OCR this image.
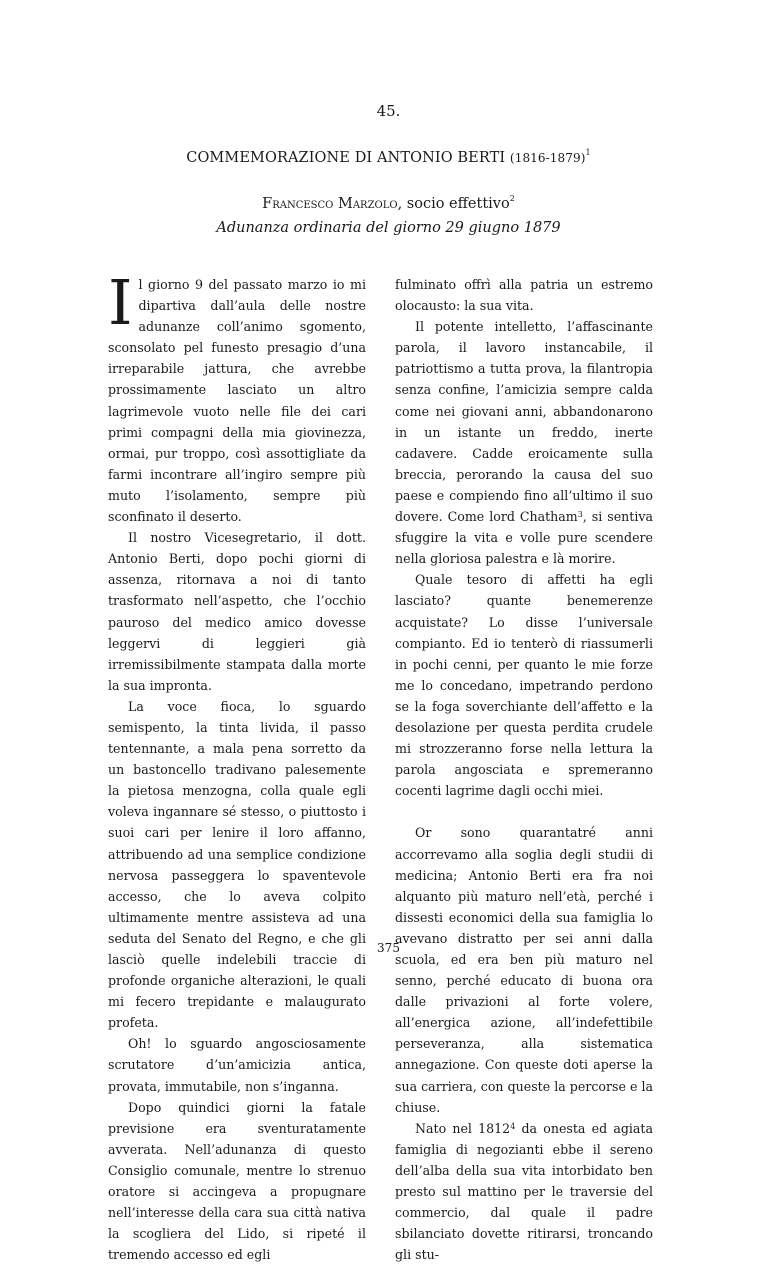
45.
COMMEMORAZIONE DI ANTONIO BERTI (1816-1879)$^1$
Francesco Marzolo, socio effettivo$^2$
Adunanza ordinaria del giorno 29 giugno 1879

Il giorno 9 del passato marzo io mi dipartiva dall’aula delle nostre adunanze coll’animo sgomento, sconsolato pel funesto presagio d’una irreparabile jattura, che avrebbe prossimamente lasciato un altro lagrimevole vuoto nelle file dei cari primi compagni della mia giovinezza, ormai, pur troppo, così assottigliate da farmi incontrare all’ingiro sempre più muto l’isolamento, sempre più sconfinato il deserto.

Il nostro Vicesegretario, il dott. Antonio Berti, dopo pochi giorni di assenza, ritornava a noi di tanto trasformato nell’aspetto, che l’occhio pauroso del medico amico dovesse leggervi di leggieri già irremissibilmente stampata dalla morte la sua impronta.

La voce fioca, lo sguardo semispento, la tinta livida, il passo tentennante, a mala pena sorretto da un bastoncello tradivano palesemente la pietosa menzogna, colla quale egli voleva ingannare sé stesso, o piuttosto i suoi cari per lenire il loro affanno, attribuendo ad una semplice condizione nervosa passeggera lo spaventevole accesso, che lo aveva colpito ultimamente mentre assisteva ad una seduta del Senato del Regno, e che gli lasciò quelle indelebili traccie di profonde organiche alterazioni, le quali mi fecero trepidante e malaugurato profeta.

Oh! lo sguardo angosciosamente scrutatore d’un’amicizia antica, provata, immutabile, non s’inganna.

Dopo quindici giorni la fatale previsione era sventuratamente avverata. Nell’adunanza di questo Consiglio comunale, mentre lo strenuo oratore si accingeva a propugnare nell’interesse della cara sua città nativa la scogliera del Lido, si ripeté il tremendo accesso ed egli

fulminato offrì alla patria un estremo olocausto: la sua vita.

Il potente intelletto, l’affascinante parola, il lavoro instancabile, il patriottismo a tutta prova, la filantropia senza confine, l’amicizia sempre calda come nei giovani anni, abbandonarono in un istante un freddo, inerte cadavere. Cadde eroicamente sulla breccia, perorando la causa del suo paese e compiendo fino all’ultimo il suo dovere. Come lord Chatham$^3$, si sentiva sfuggire la vita e volle pure scendere nella gloriosa palestra e là morire.

Quale tesoro di affetti ha egli lasciato? quante benemerenze acquistate? Lo disse l’universale compianto. Ed io tenterò di riassumerli in pochi cenni, per quanto le mie forze me lo concedano, impetrando perdono se la foga soverchiante dell’affetto e la desolazione per questa perdita crudele mi strozzeranno forse nella lettura la parola angosciata e spremeranno cocenti lagrime dagli occhi miei.

Or sono quarantatré anni accorrevamo alla soglia degli studii di medicina; Antonio Berti era fra noi alquanto più maturo nell’età, perché i dissesti economici della sua famiglia lo avevano distratto per sei anni dalla scuola, ed era ben più maturo nel senno, perché educato di buona ora dalle privazioni al forte volere, all’energica azione, all’indefettibile perseveranza, alla sistematica annegazione. Con queste doti aperse la sua carriera, con queste la percorse e la chiuse.

Nato nel 1812$^4$ da onesta ed agiata famiglia di negozianti ebbe il sereno dell’alba della sua vita intorbidato ben presto sul mattino per le traversie del commercio, dal quale il padre sbilanciato dovette ritirarsi, troncando gli stu-

375
